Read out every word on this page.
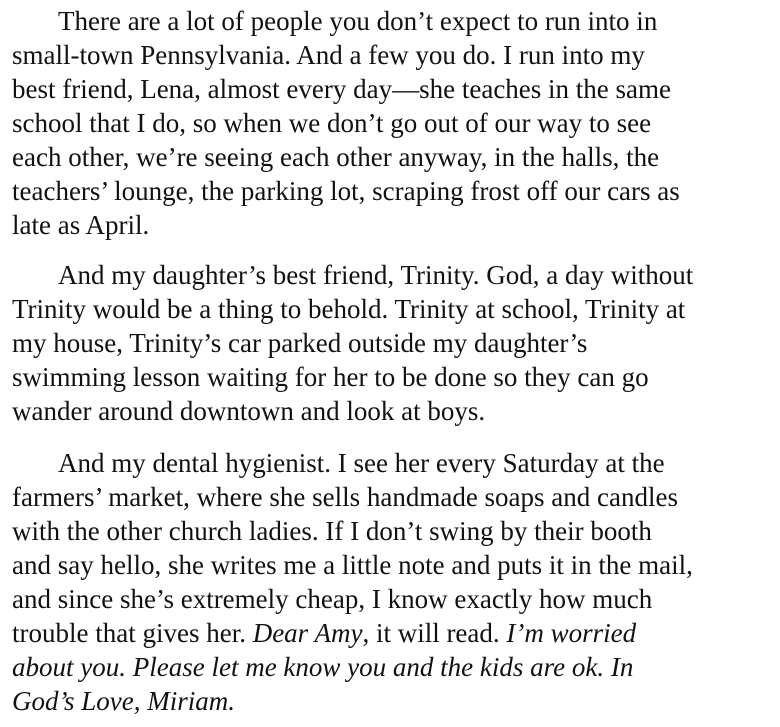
There are a lot of people you don’t expect to run into in
small-town Pennsylvania. And a few you do. I run into my
best friend, Lena, almost every day—she teaches in the same
school that I do, so when we don’t go out of our way to see
each other, we’re seeing each other anyway, in the halls, the
teachers’ lounge, the parking lot, scraping frost off our cars as
late as April.

And my daughter’s best friend, Trinity. God, a day without
Trinity would be a thing to behold. Trinity at school, Trinity at
my house, Trinity’s car parked outside my daughter’s
swimming lesson waiting for her to be done so they can go
wander around downtown and look at boys.

And my dental hygienist. I see her every Saturday at the
farmers’ market, where she sells handmade soaps and candles
with the other church ladies. If I don’t swing by their booth
and say hello, she writes me a little note and puts it in the mail,
and since she’s extremely cheap, I know exactly how much
trouble that gives her. Dear Amy, it will read. I’m worried
about you. Please let me know you and the kids are ok. In
God’s Love, Miriam.
